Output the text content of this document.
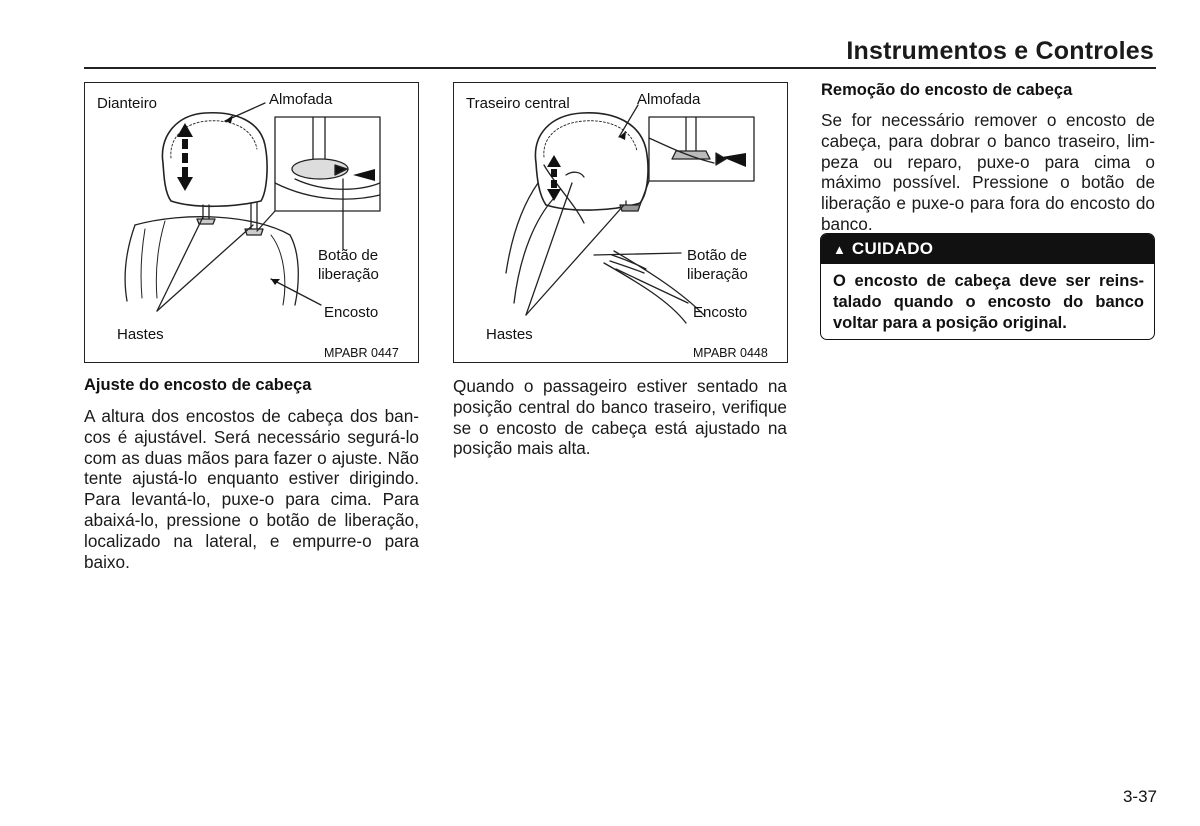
Instrumentos e Controles
Dianteiro	Almofada
Botão de
liberação
Encosto
Hastes
MPABR 0447
Traseiro central	Almofada
Botão de
liberação
Encosto
Hastes
MPABR 0448
Ajuste do encosto de cabeça
A altura dos encostos de cabeça dos bancos é ajustável. Será necessário segurá-lo com as duas mãos para fazer o ajuste. Não tente ajustá-lo enquanto estiver dirigindo. Para levantá-lo, puxe-o para cima. Para abaixá-lo, pressione o botão de liberação, localizado na lateral, e empurre-o para baixo.
Quando o passageiro estiver sentado na posição central do banco traseiro, verifique se o encosto de cabeça está ajustado na posição mais alta.
Remoção do encosto de cabeça
Se for necessário remover o encosto de cabeça, para dobrar o banco traseiro, limpeza ou reparo, puxe-o para cima o máximo possível. Pressione o botão de liberação e puxe-o para fora do encosto do banco.
▲ CUIDADO
O encosto de cabeça deve ser reinstalado quando o encosto do banco voltar para a posição original.
3-37
